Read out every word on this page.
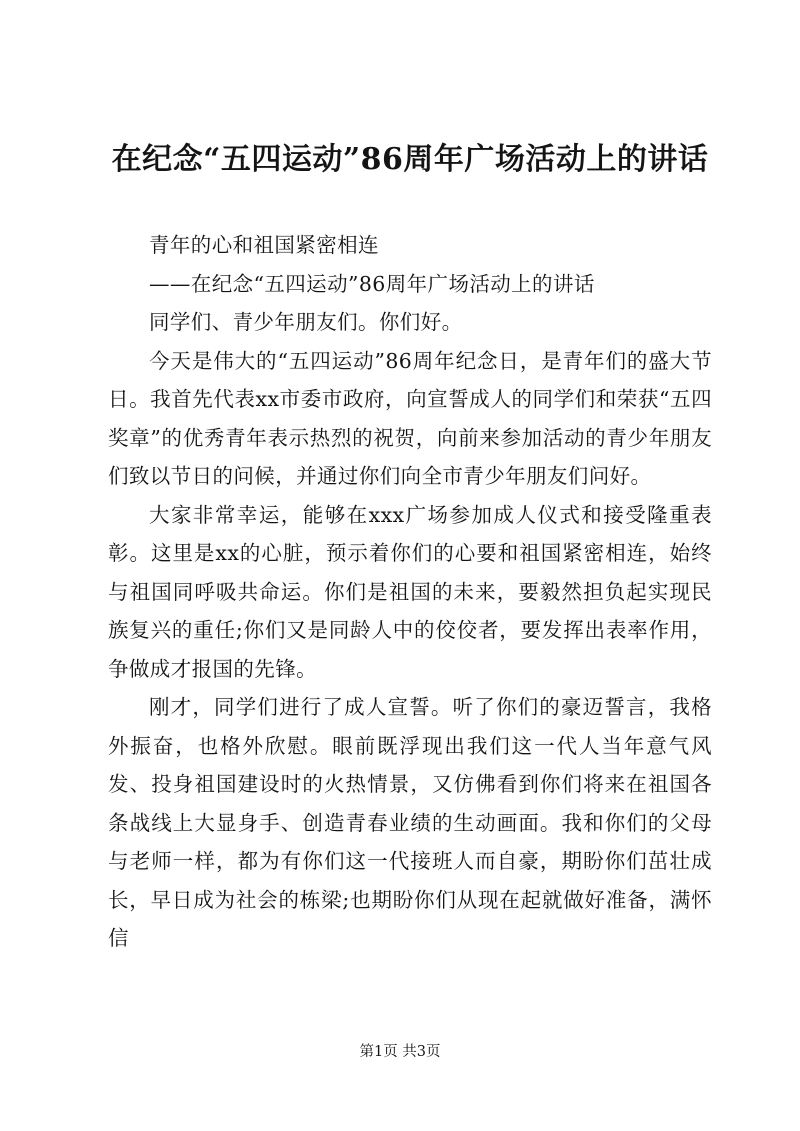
在纪念“五四运动”86周年广场活动上的讲话

青年的心和祖国紧密相连

——在纪念“五四运动”86周年广场活动上的讲话

同学们、青少年朋友们。你们好。

今天是伟大的“五四运动”86周年纪念日，是青年们的盛大节日。我首先代表xx市委市政府，向宣誓成人的同学们和荣获“五四奖章”的优秀青年表示热烈的祝贺，向前来参加活动的青少年朋友们致以节日的问候，并通过你们向全市青少年朋友们问好。

大家非常幸运，能够在xxx广场参加成人仪式和接受隆重表彰。这里是xx的心脏，预示着你们的心要和祖国紧密相连，始终与祖国同呼吸共命运。你们是祖国的未来，要毅然担负起实现民族复兴的重任;你们又是同龄人中的佼佼者，要发挥出表率作用，争做成才报国的先锋。

刚才，同学们进行了成人宣誓。听了你们的豪迈誓言，我格外振奋，也格外欣慰。眼前既浮现出我们这一代人当年意气风发、投身祖国建设时的火热情景，又仿佛看到你们将来在祖国各条战线上大显身手、创造青春业绩的生动画面。我和你们的父母与老师一样，都为有你们这一代接班人而自豪，期盼你们茁壮成长，早日成为社会的栋梁;也期盼你们从现在起就做好准备，满怀信

第1页 共3页
